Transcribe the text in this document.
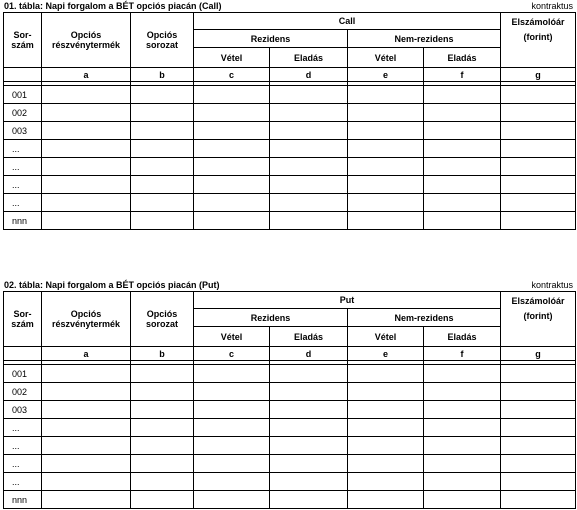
01. tábla: Napi forgalom a BÉT opciós piacán (Call)	kontraktus
Sor-szám	Opciós részvénytermék	Opciós sorozat	Call				Elszámolóár (forint)
			Rezidens		Nem-rezidens		
			Vétel	Eladás	Vétel	Eladás	
	a	b	c	d	e	f	g

001							
002							
003							
...							
...							
...							
...							
nnn							
02. tábla: Napi forgalom a BÉT opciós piacán (Put)	kontraktus
Sor-szám	Opciós részvénytermék	Opciós sorozat	Put				Elszámolóár (forint)
			Rezidens		Nem-rezidens		
			Vétel	Eladás	Vétel	Eladás	
	a	b	c	d	e	f	g

001							
002							
003							
...							
...							
...							
...							
nnn							
